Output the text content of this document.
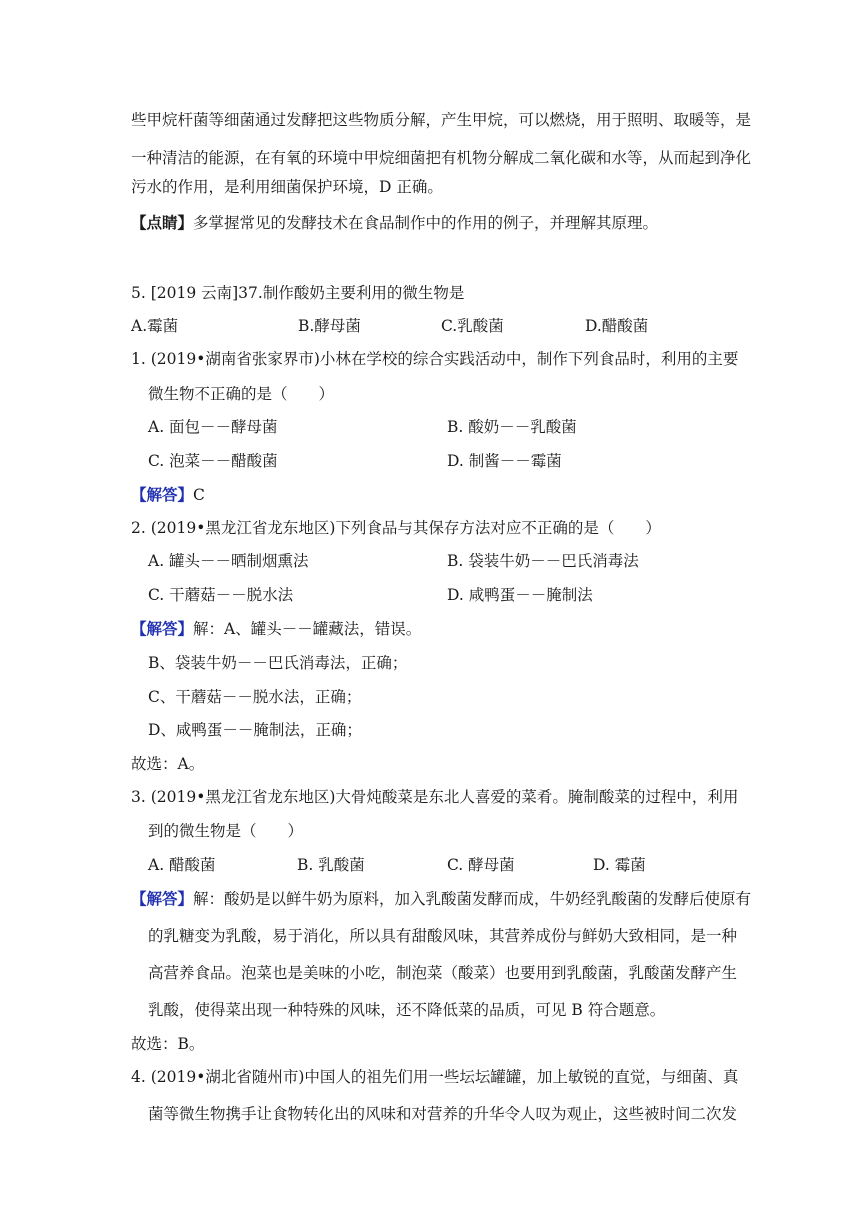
些甲烷杆菌等细菌通过发酵把这些物质分解，产生甲烷，可以燃烧，用于照明、取暖等，是
一种清洁的能源，在有氧的环境中甲烷细菌把有机物分解成二氧化碳和水等，从而起到净化
污水的作用，是利用细菌保护环境，D 正确。
【点睛】多掌握常见的发酵技术在食品制作中的作用的例子，并理解其原理。
5. [2019 云南]37.制作酸奶主要利用的微生物是
A.霉菌	B.酵母菌	C.乳酸菌	D.醋酸菌
1. (2019•湖南省张家界市)小林在学校的综合实践活动中，制作下列食品时，利用的主要
微生物不正确的是（　　）
A. 面包－－酵母菌	B. 酸奶－－乳酸菌
C. 泡菜－－醋酸菌	D. 制酱－－霉菌
【解答】C
2. (2019•黑龙江省龙东地区)下列食品与其保存方法对应不正确的是（　　）
A. 罐头－－晒制烟熏法	B. 袋装牛奶－－巴氏消毒法
C. 干蘑菇－－脱水法	D. 咸鸭蛋－－腌制法
【解答】解：A、罐头－－罐藏法，错误。
B、袋装牛奶－－巴氏消毒法，正确；
C、干蘑菇－－脱水法，正确；
D、咸鸭蛋－－腌制法，正确；
故选：A。
3. (2019•黑龙江省龙东地区)大骨炖酸菜是东北人喜爱的菜肴。腌制酸菜的过程中，利用
到的微生物是（　　）
A. 醋酸菌	B. 乳酸菌	C. 酵母菌	D. 霉菌
【解答】解：酸奶是以鲜牛奶为原料，加入乳酸菌发酵而成，牛奶经乳酸菌的发酵后使原有
的乳糖变为乳酸，易于消化，所以具有甜酸风味，其营养成份与鲜奶大致相同，是一种
高营养食品。泡菜也是美味的小吃，制泡菜（酸菜）也要用到乳酸菌，乳酸菌发酵产生
乳酸，使得菜出现一种特殊的风味，还不降低菜的品质，可见 B 符合题意。
故选：B。
4. (2019•湖北省随州市)中国人的祖先们用一些坛坛罐罐，加上敏锐的直觉，与细菌、真
菌等微生物携手让食物转化出的风味和对营养的升华令人叹为观止，这些被时间二次发
